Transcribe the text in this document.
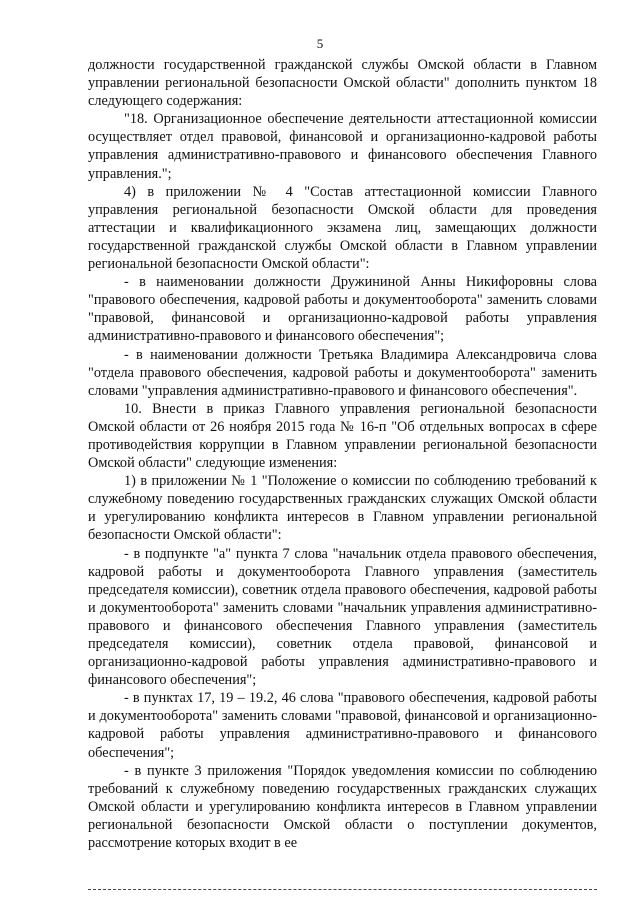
5

должности государственной гражданской службы Омской области в Главном управлении региональной безопасности Омской области" дополнить пунктом 18 следующего содержания:

"18. Организационное обеспечение деятельности аттестационной комиссии осуществляет отдел правовой, финансовой и организационно-кадровой работы управления административно-правового и финансового обеспечения Главного управления.";

4) в приложении № 4 "Состав аттестационной комиссии Главного управления региональной безопасности Омской области для проведения аттестации и квалификационного экзамена лиц, замещающих должности государственной гражданской службы Омской области в Главном управлении региональной безопасности Омской области":

- в наименовании должности Дружининой Анны Никифоровны слова "правового обеспечения, кадровой работы и документооборота" заменить словами "правовой, финансовой и организационно-кадровой работы управления административно-правового и финансового обеспечения";

- в наименовании должности Третьяка Владимира Александровича слова "отдела правового обеспечения, кадровой работы и документооборота" заменить словами "управления административно-правового и финансового обеспечения".

10. Внести в приказ Главного управления региональной безопасности Омской области от 26 ноября 2015 года № 16-п "Об отдельных вопросах в сфере противодействия коррупции в Главном управлении региональной безопасности Омской области" следующие изменения:

1) в приложении № 1 "Положение о комиссии по соблюдению требований к служебному поведению государственных гражданских служащих Омской области и урегулированию конфликта интересов в Главном управлении региональной безопасности Омской области":

- в подпункте "а" пункта 7 слова "начальник отдела правового обеспечения, кадровой работы и документооборота Главного управления (заместитель председателя комиссии), советник отдела правового обеспечения, кадровой работы и документооборота" заменить словами "начальник управления административно-правового и финансового обеспечения Главного управления (заместитель председателя комиссии), советник отдела правовой, финансовой и организационно-кадровой работы управления административно-правового и финансового обеспечения";

- в пунктах 17, 19 – 19.2, 46 слова "правового обеспечения, кадровой работы и документооборота" заменить словами "правовой, финансовой и организационно-кадровой работы управления административно-правового и финансового обеспечения";

- в пункте 3 приложения "Порядок уведомления комиссии по соблюдению требований к служебному поведению государственных гражданских служащих Омской области и урегулированию конфликта интересов в Главном управлении региональной безопасности Омской области о поступлении документов, рассмотрение которых входит в ее
